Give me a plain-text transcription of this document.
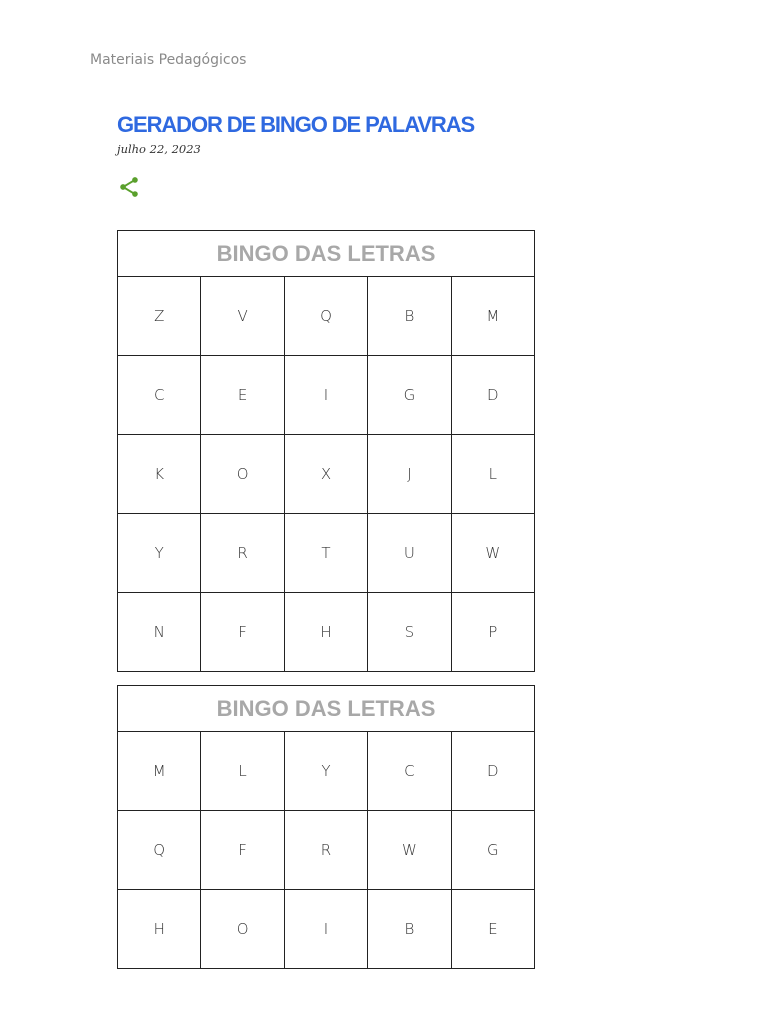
Materiais Pedagógicos
GERADOR DE BINGO DE PALAVRAS
julho 22, 2023
BINGO DAS LETRAS
Z	V	Q	B	M
C	E	I	G	D
K	O	X	J	L
Y	R	T	U	W
N	F	H	S	P
BINGO DAS LETRAS
M	L	Y	C	D
Q	F	R	W	G
H	O	I	B	E
